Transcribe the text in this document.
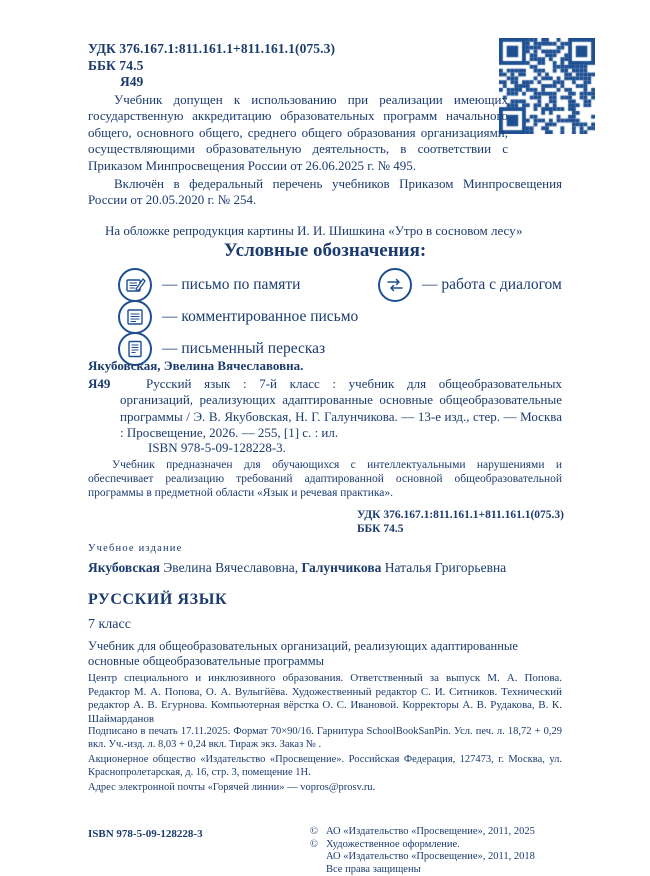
УДК 376.167.1:811.161.1+811.161.1(075.3)
ББК 74.5
Я49
Учебник допущен к использованию при реализации имеющих государственную аккредитацию образовательных программ начального общего, основного общего, среднего общего образования организациями, осуществляющими образовательную деятельность, в соответствии с Приказом Минпросвещения России от 26.06.2025 г. № 495.
Включён в федеральный перечень учебников Приказом Минпросвещения России от 20.05.2020 г. № 254.
На обложке репродукция картины И. И. Шишкина «Утро в сосновом лесу»
Условные обозначения:
— письмо по памяти
— комментированное письмо
— письменный пересказ
— работа с диалогом
Якубовская, Эвелина Вячеславовна.
Я49	Русский язык : 7-й класс : учебник для общеобразовательных организаций, реализующих адаптированные основные общеобразовательные программы / Э. В. Якубовская, Н. Г. Галунчикова. — 13-е изд., стер. — Москва : Просвещение, 2026. — 255, [1] с. : ил.
ISBN 978-5-09-128228-3.
Учебник предназначен для обучающихся с интеллектуальными нарушениями и обеспечивает реализацию требований адаптированной основной общеобразовательной программы в предметной области «Язык и речевая практика».
УДК 376.167.1:811.161.1+811.161.1(075.3)
ББК 74.5
Учебное издание
Якубовская Эвелина Вячеславовна, Галунчикова Наталья Григорьевна
РУССКИЙ ЯЗЫК
7 класс
Учебник для общеобразовательных организаций, реализующих адаптированные основные общеобразовательные программы
Центр специального и инклюзивного образования. Ответственный за выпуск М. А. Попова. Редактор М. А. Попова, О. А. Вулыгйёва. Художественный редактор С. И. Ситников. Технический редактор А. В. Егурнова. Компьютерная вёрстка О. С. Ивановой. Корректоры А. В. Рудакова, В. К. Шаймарданов
Подписано в печать 17.11.2025. Формат 70×90/16. Гарнитура SchoolBookSanPin. Усл. печ. л. 18,72 + 0,29 вкл. Уч.-изд. л. 8,03 + 0,24 вкл. Тираж экз. Заказ № .
Акционерное общество «Издательство «Просвещение». Российская Федерация, 127473, г. Москва, ул. Краснопролетарская, д. 16, стр. 3, помещение 1Н.
Адрес электронной почты «Горячей линии» — vopros@prosv.ru.
ISBN 978-5-09-128228-3	© АО «Издательство «Просвещение», 2011, 2025
© Художественное оформление.
АО «Издательство «Просвещение», 2011, 2018
Все права защищены
